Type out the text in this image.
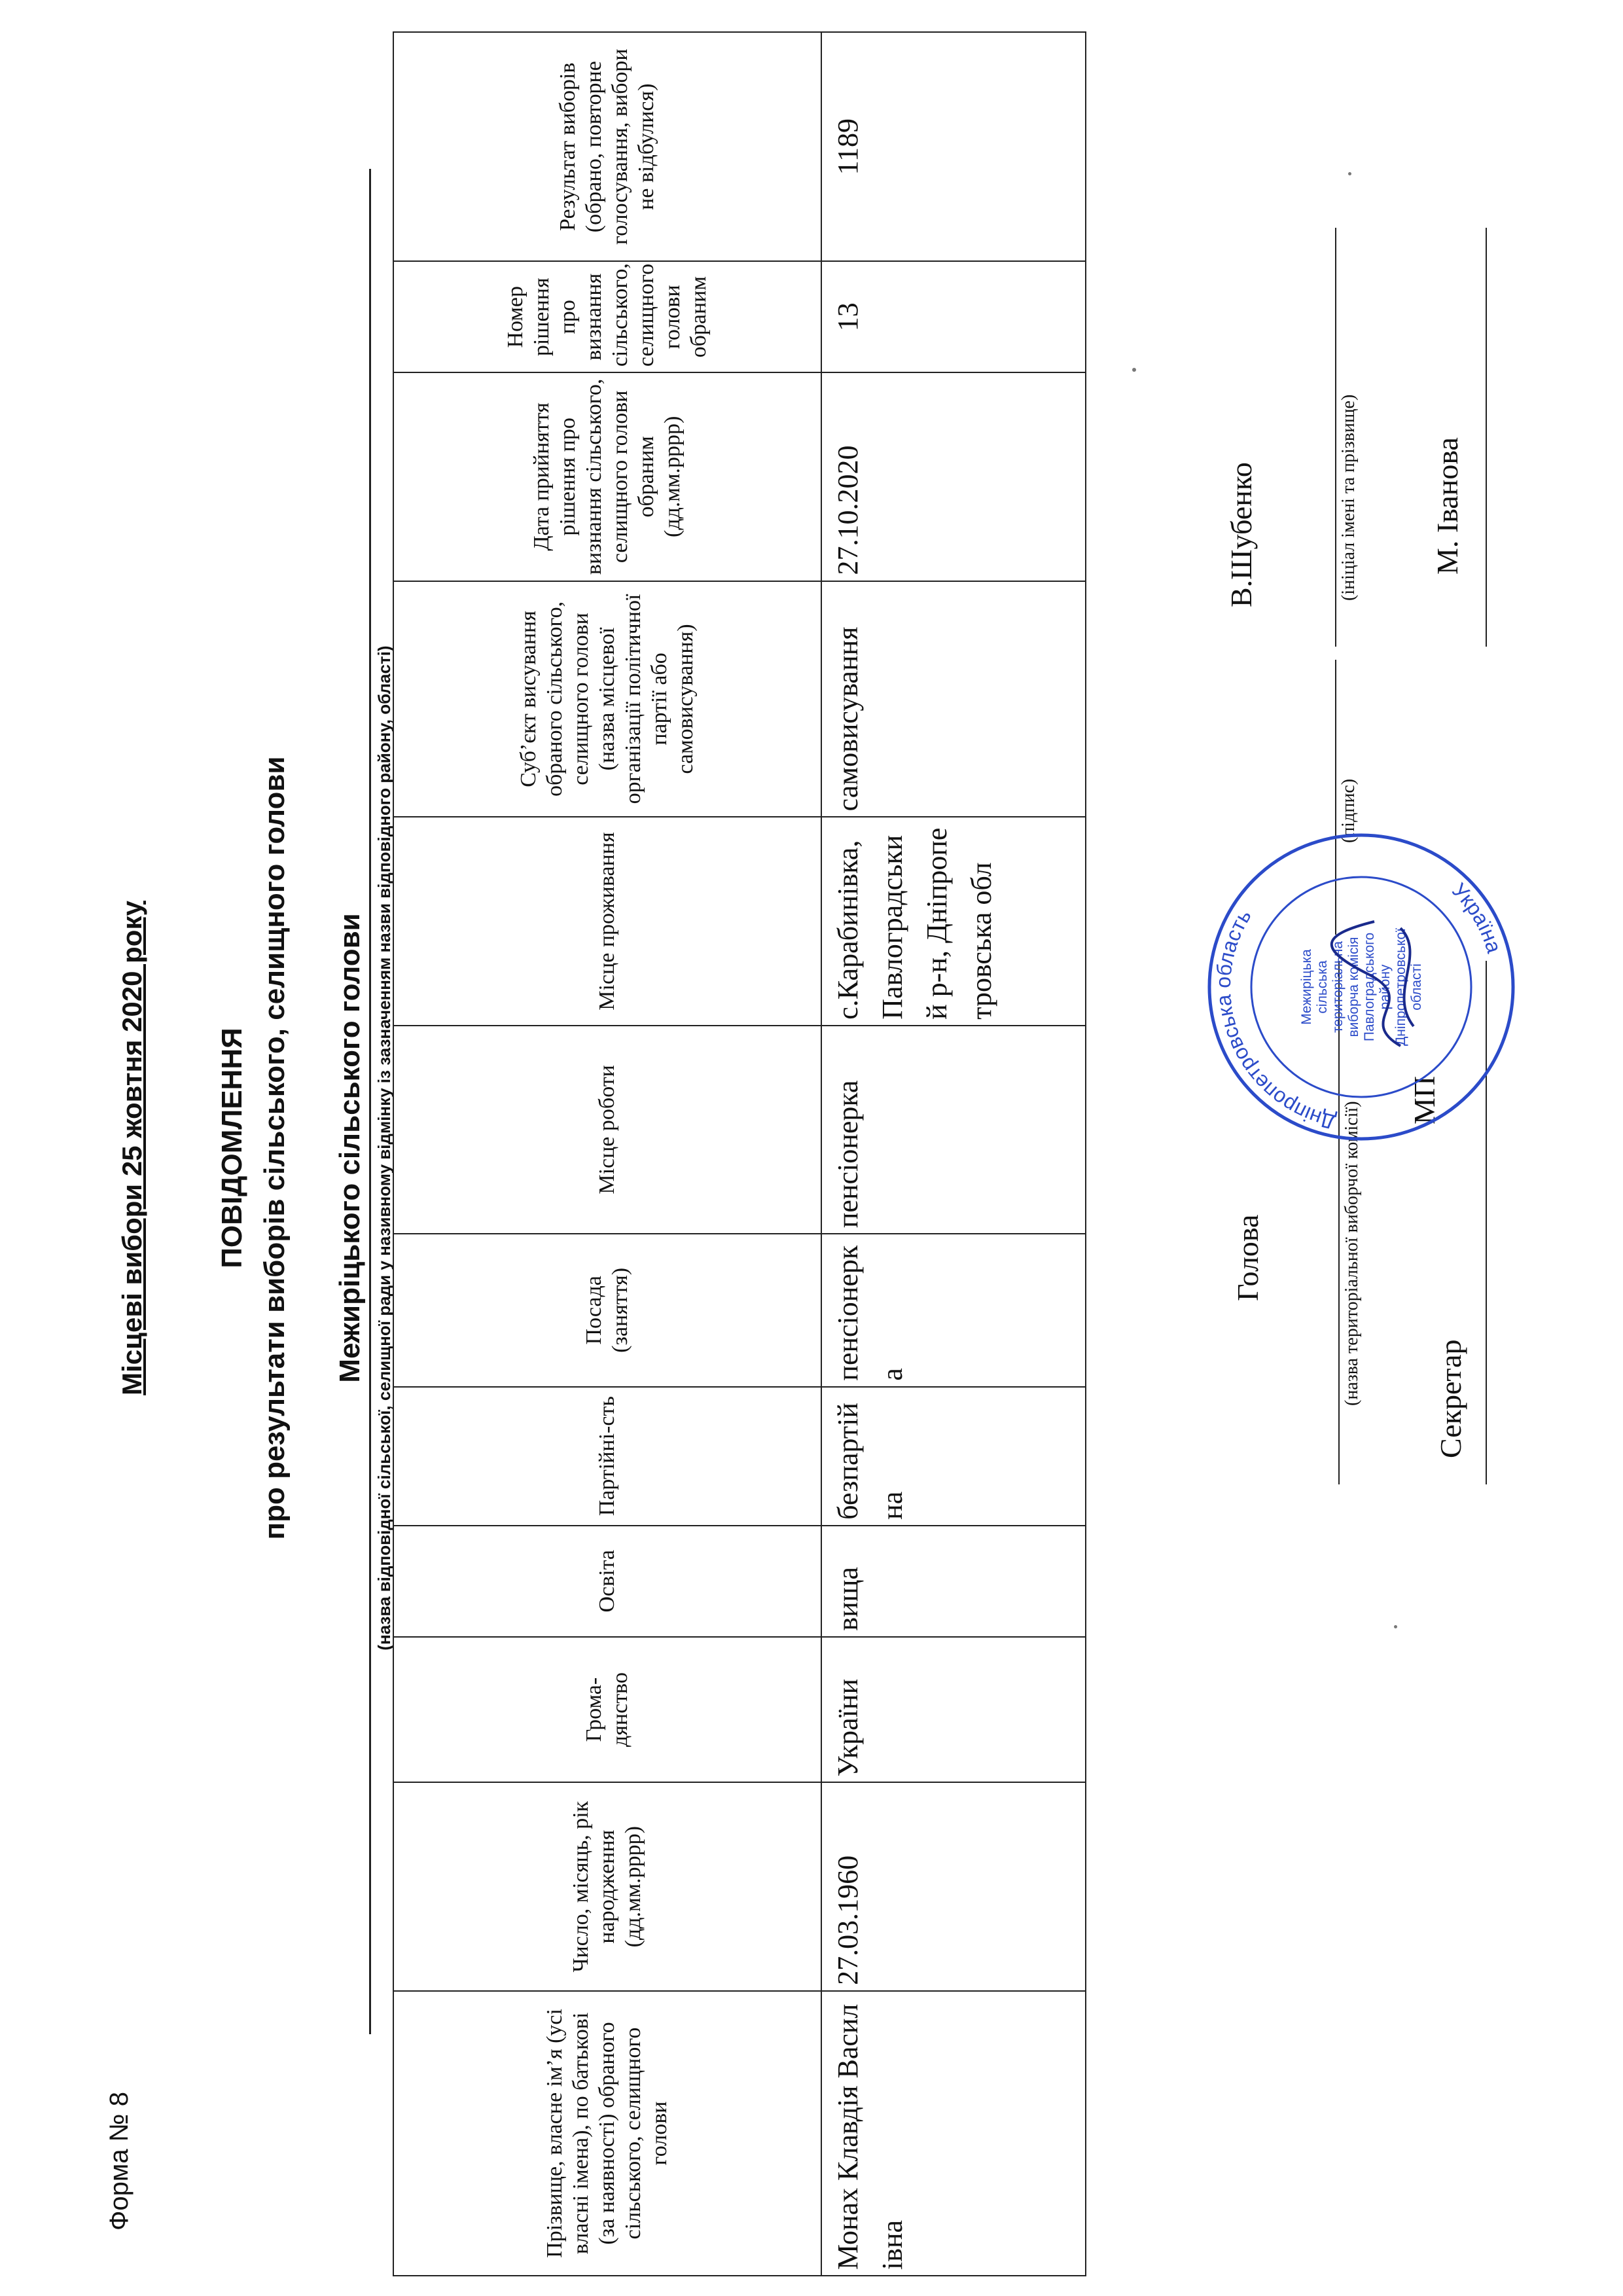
Форма № 8
Місцеві вибори 25 жовтня 2020 року ПОВІДОМЛЕННЯ про результати виборів сільського, селищного голови Межиріцького сільського голови (назва відповідної сільської, селищної ради у називному відмінку із зазначенням назви відповідного району, області)
Прізвище, власне ім’я (усі власні імена), по батькові (за наявності) обраного сільського, селищного голови	Число, місяць, рік народження (дд.мм.рррр)	Грома-дянство	Освіта	Партійні-сть	Посада (заняття)	Місце роботи	Місце проживання	Суб’єкт висування обраного сільського, селищного голови (назва місцевої організації політичної партії або самовисування)	Дата прийняття рішення про визнання сільського, селищного голови обраним (дд.мм.рррр)	Номер рішення про визнання сільського, селищного голови обраним	Результат виборів (обрано, повторне голосування, вибори не відбулися)
Монах Клавдія Василівна	27.03.1960	України	вища	безпартійна	пенсіонерка	пенсіонерка	с.Карабинівка,Павлоградський р-н, Дніпропетровська обл	самовисування	27.10.2020	13	1189
Голова	(назва територіальної виборчої комісії) Секретар
(підпис)
МП
В.Шубенко	(ініціал імені та прізвище) М. Іванова
Дніпропетровська область
Україна
Межиріцька сільська територіальна виборча комісія Павлоградського району Дніпропетровської області
